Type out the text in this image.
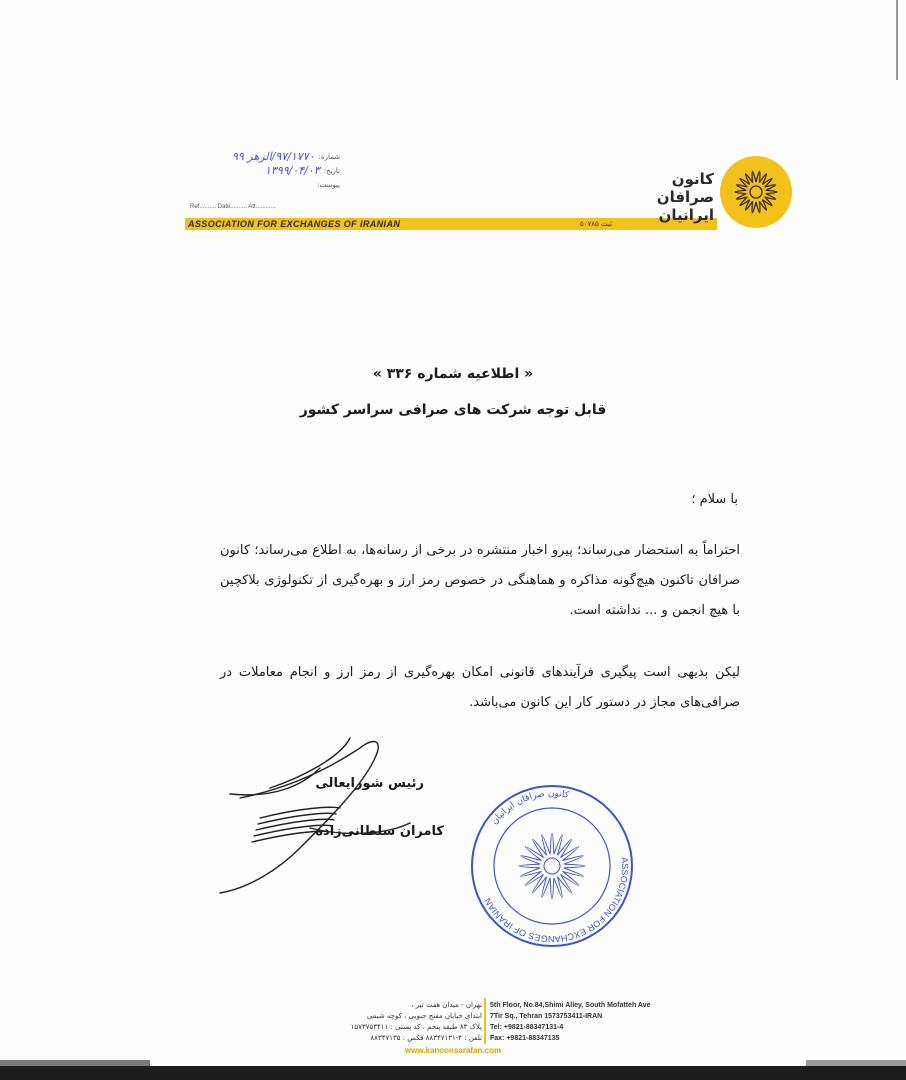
شماره:
۹۷/۱۷۷۰/الزهر ۹۹
تاریخ:
۱۳۹۹/۰۴/۰۳
پیوست:
Ref.......... Date.......... Att............
ASSOCIATION FOR EXCHANGES OF IRANIAN	ثبت ۵۰۷۸۵
کانون
صرافان
ایرانیان
« اطلاعیه شماره ۳۳۶ »
قابل توجه شرکت های صرافی سراسر کشور
با سلام ؛
احتراماً به استحضار می‌رساند؛ پیرو اخبار منتشره در برخی از رسانه‌ها، به اطلاع می‌رساند؛ کانون صرافان تاکنون هیچ‌گونه مذاکره و هماهنگی در خصوص رمز ارز و بهره‌گیری از تکنولوژی بلاکچین با هیچ انجمن و ... نداشته است.
لیکن بدیهی است پیگیری فرآیندهای قانونی امکان بهره‌گیری از رمز ارز و انجام معاملات در صرافی‌های مجاز در دستور کار این کانون می‌باشد.
رئیس شورایعالی
کامران سلطانی‌زاده
ASSOCIATION FOR EXCHANGES OF IRANIAN
کانون صرافان ایرانیان
تهران - میدان هفت تیر ،
ابتدای خیابان مفتح جنوبی ، کوچه شیمی
پلاک ۸۴ طبقه پنجم ، کد پستی : ۱۵۷۳۷۵۳۴۱۱
تلفن : ۴-۸۸۳۴۷۱۳۱ فکس : ۸۸۳۴۷۱۳۵
5th Floor, No.84,Shimi Alley, South Mofatteh Ave
7Tir Sq., Tehran 1573753411-IRAN
Tel: +9821-88347131-4
Fax: +9821-88347135
www.kanoonsarafan.com
